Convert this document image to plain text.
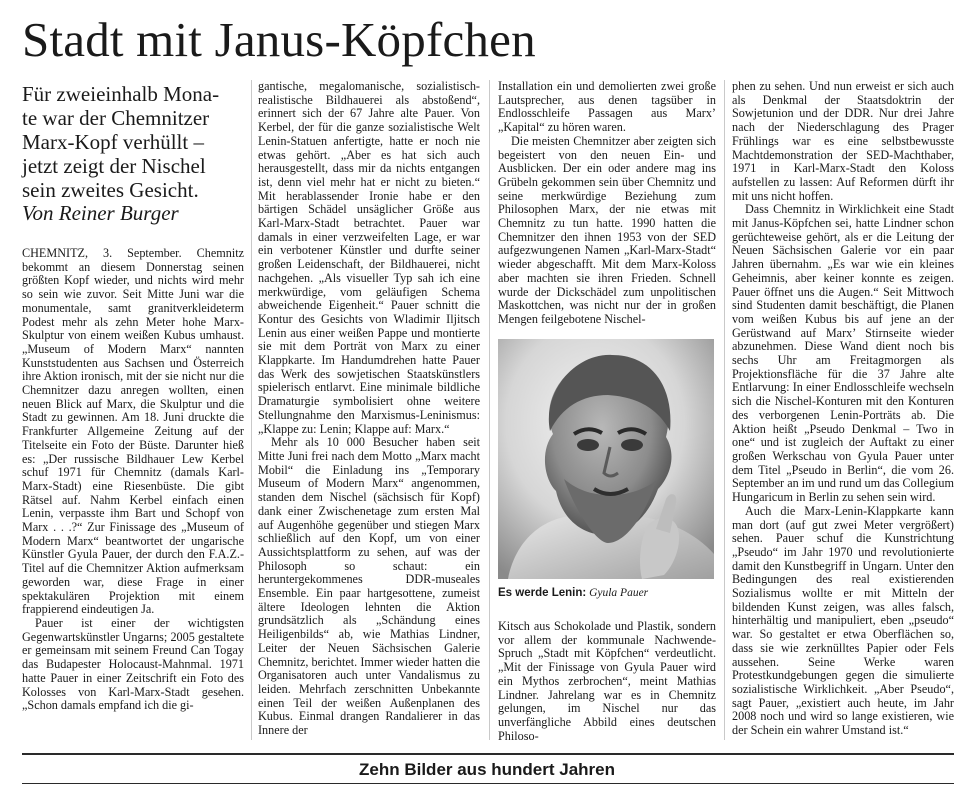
Stadt mit Janus-Köpfchen
Für zweieinhalb Mona-
te war der Chemnitzer
Marx-Kopf verhüllt –
jetzt zeigt der Nischel
sein zweites Gesicht.
Von Reiner Burger

CHEMNITZ, 3. September. Chemnitz bekommt an diesem Donnerstag seinen größten Kopf wieder, und nichts wird mehr so sein wie zuvor. Seit Mitte Juni war die monumentale, samt granitverkleideterm Podest mehr als zehn Meter hohe Marx-Skulptur von einem weißen Kubus umhaust. „Museum of Modern Marx“ nannten Kunststudenten aus Sachsen und Österreich ihre Aktion ironisch, mit der sie nicht nur die Chemnitzer dazu anregen wollten, einen neuen Blick auf Marx, die Skulptur und die Stadt zu gewinnen. Am 18. Juni druckte die Frankfurter Allgemeine Zeitung auf der Titelseite ein Foto der Büste. Darunter hieß es: „Der russische Bildhauer Lew Kerbel schuf 1971 für Chemnitz (damals Karl-Marx-Stadt) eine Riesenbüste. Die gibt Rätsel auf. Nahm Kerbel einfach einen Lenin, verpasste ihm Bart und Schopf von Marx . . .?“ Zur Finissage des „Museum of Modern Marx“ beantwortet der ungarische Künstler Gyula Pauer, der durch den F.A.Z.-Titel auf die Chemnitzer Aktion aufmerksam geworden war, diese Frage in einer spektakulären Projektion mit einem frappierend eindeutigen Ja.

Pauer ist einer der wichtigsten Gegenwartskünstler Ungarns; 2005 gestaltete er gemeinsam mit seinem Freund Can Togay das Budapester Holocaust-Mahnmal. 1971 hatte Pauer in einer Zeitschrift ein Foto des Kolosses von Karl-Marx-Stadt gesehen. „Schon damals empfand ich die gi-

gantische, megalomanische, sozialistisch-realistische Bildhauerei als abstoßend“, erinnert sich der 67 Jahre alte Pauer. Von Kerbel, der für die ganze sozialistische Welt Lenin-Statuen anfertigte, hatte er noch nie etwas gehört. „Aber es hat sich auch herausgestellt, dass mir da nichts entgangen ist, denn viel mehr hat er nicht zu bieten.“ Mit herablassender Ironie habe er den bärtigen Schädel unsäglicher Größe aus Karl-Marx-Stadt betrachtet. Pauer war damals in einer verzweifelten Lage, er war ein verbotener Künstler und durfte seiner großen Leidenschaft, der Bildhauerei, nicht nachgehen. „Als visueller Typ sah ich eine merkwürdige, vom geläufigen Schema abweichende Eigenheit.“ Pauer schnitt die Kontur des Gesichts von Wladimir Iljitsch Lenin aus einer weißen Pappe und montierte sie mit dem Porträt von Marx zu einer Klappkarte. Im Handumdrehen hatte Pauer das Werk des sowjetischen Staatskünstlers spielerisch entlarvt. Eine minimale bildliche Dramaturgie symbolisiert ohne weitere Stellungnahme den Marxismus-Leninismus: „Klappe zu: Lenin; Klappe auf: Marx.“

Mehr als 10 000 Besucher haben seit Mitte Juni frei nach dem Motto „Marx macht Mobil“ die Einladung ins „Temporary Museum of Modern Marx“ angenommen, standen dem Nischel (sächsisch für Kopf) dank einer Zwischenetage zum ersten Mal auf Augenhöhe gegenüber und stiegen Marx schließlich auf den Kopf, um von einer Aussichtsplattform zu sehen, auf was der Philosoph so schaut: ein heruntergekommenes DDR-museales Ensemble. Ein paar hartgesottene, zumeist ältere Ideologen lehnten die Aktion grundsätzlich als „Schändung eines Heiligenbilds“ ab, wie Mathias Lindner, Leiter der Neuen Sächsischen Galerie Chemnitz, berichtet. Immer wieder hatten die Organisatoren auch unter Vandalismus zu leiden. Mehrfach zerschnitten Unbekannte einen Teil der weißen Außenplanen des Kubus. Einmal drangen Randalierer in das Innere der

Installation ein und demolierten zwei große Lautsprecher, aus denen tagsüber in Endlosschleife Passagen aus Marx’ „Kapital“ zu hören waren.

Die meisten Chemnitzer aber zeigten sich begeistert von den neuen Ein- und Ausblicken. Der ein oder andere mag ins Grübeln gekommen sein über Chemnitz und seine merkwürdige Beziehung zum Philosophen Marx, der nie etwas mit Chemnitz zu tun hatte. 1990 hatten die Chemnitzer den ihnen 1953 von der SED aufgezwungenen Namen „Karl-Marx-Stadt“ wieder abgeschafft. Mit dem Marx-Koloss aber machten sie ihren Frieden. Schnell wurde der Dickschädel zum unpolitischen Maskottchen, was nicht nur der in großen Mengen feilgebotene Nischel-

Es werde Lenin: Gyula Pauer

Kitsch aus Schokolade und Plastik, sondern vor allem der kommunale Nachwende-Spruch „Stadt mit Köpfchen“ verdeutlicht. „Mit der Finissage von Gyula Pauer wird ein Mythos zerbrochen“, meint Mathias Lindner. Jahrelang war es in Chemnitz gelungen, im Nischel nur das unverfängliche Abbild eines deutschen Philoso-

phen zu sehen. Und nun erweist er sich auch als Denkmal der Staatsdoktrin der Sowjetunion und der DDR. Nur drei Jahre nach der Niederschlagung des Prager Frühlings war es eine selbstbewusste Machtdemonstration der SED-Machthaber, 1971 in Karl-Marx-Stadt den Koloss aufstellen zu lassen: Auf Reformen dürft ihr mit uns nicht hoffen.

Dass Chemnitz in Wirklichkeit eine Stadt mit Janus-Köpfchen sei, hatte Lindner schon gerüchteweise gehört, als er die Leitung der Neuen Sächsischen Galerie vor ein paar Jahren übernahm. „Es war wie ein kleines Geheimnis, aber keiner konnte es zeigen. Pauer öffnet uns die Augen.“ Seit Mittwoch sind Studenten damit beschäftigt, die Planen vom weißen Kubus bis auf jene an der Gerüstwand auf Marx’ Stirnseite wieder abzunehmen. Diese Wand dient noch bis sechs Uhr am Freitagmorgen als Projektionsfläche für die 37 Jahre alte Entlarvung: In einer Endlosschleife wechseln sich die Nischel-Konturen mit den Konturen des verborgenen Lenin-Porträts ab. Die Aktion heißt „Pseudo Denkmal – Two in one“ und ist zugleich der Auftakt zu einer großen Werkschau von Gyula Pauer unter dem Titel „Pseudo in Berlin“, die vom 26. September an im und rund um das Collegium Hungaricum in Berlin zu sehen sein wird.

Auch die Marx-Lenin-Klappkarte kann man dort (auf gut zwei Meter vergrößert) sehen. Pauer schuf die Kunstrichtung „Pseudo“ im Jahr 1970 und revolutionierte damit den Kunstbegriff in Ungarn. Unter den Bedingungen des real existierenden Sozialismus wollte er mit Mitteln der bildenden Kunst zeigen, was alles falsch, hinterhältig und manipuliert, eben „pseudo“ war. So gestaltet er etwa Oberflächen so, dass sie wie zerknülltes Papier oder Fels aussehen. Seine Werke waren Protestkundgebungen gegen die simulierte sozialistische Wirklichkeit. „Aber Pseudo“, sagt Pauer, „existiert auch heute, im Jahr 2008 noch und wird so lange existieren, wie der Schein ein wahrer Umstand ist.“

Zehn Bilder aus hundert Jahren
